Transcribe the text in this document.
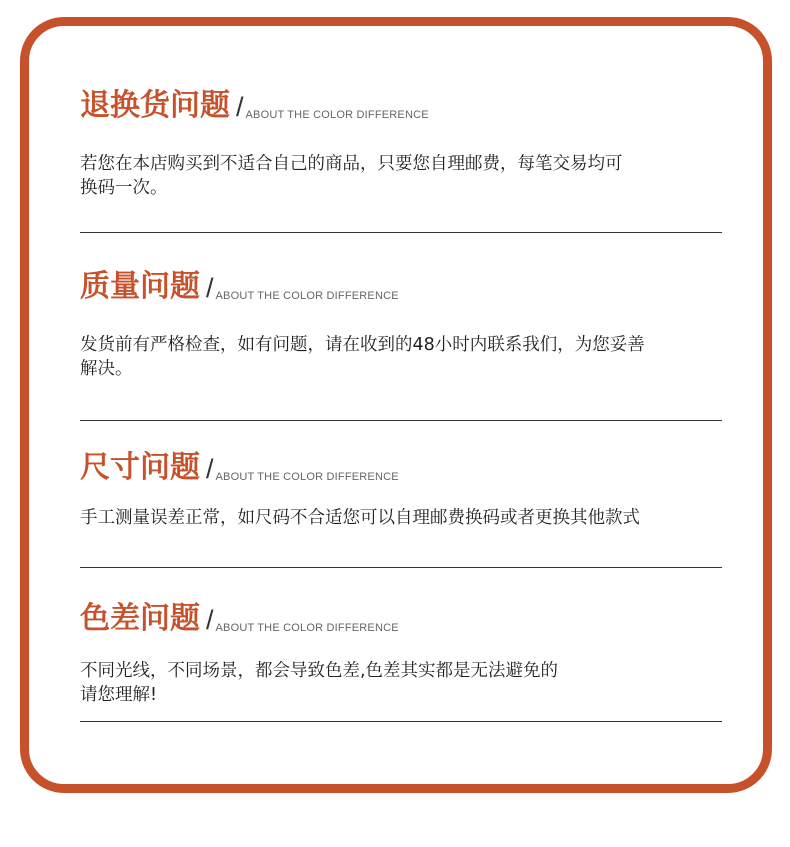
退换货问题 / ABOUT THE COLOR DIFFERENCE

若您在本店购买到不适合自己的商品，只要您自理邮费，每笔交易均可
换码一次。

质量问题 / ABOUT THE COLOR DIFFERENCE

发货前有严格检查，如有问题，请在收到的48小时内联系我们，为您妥善
解决。

尺寸问题 / ABOUT THE COLOR DIFFERENCE

手工测量误差正常，如尺码不合适您可以自理邮费换码或者更换其他款式

色差问题 / ABOUT THE COLOR DIFFERENCE

不同光线，不同场景，都会导致色差,色差其实都是无法避免的
请您理解!
